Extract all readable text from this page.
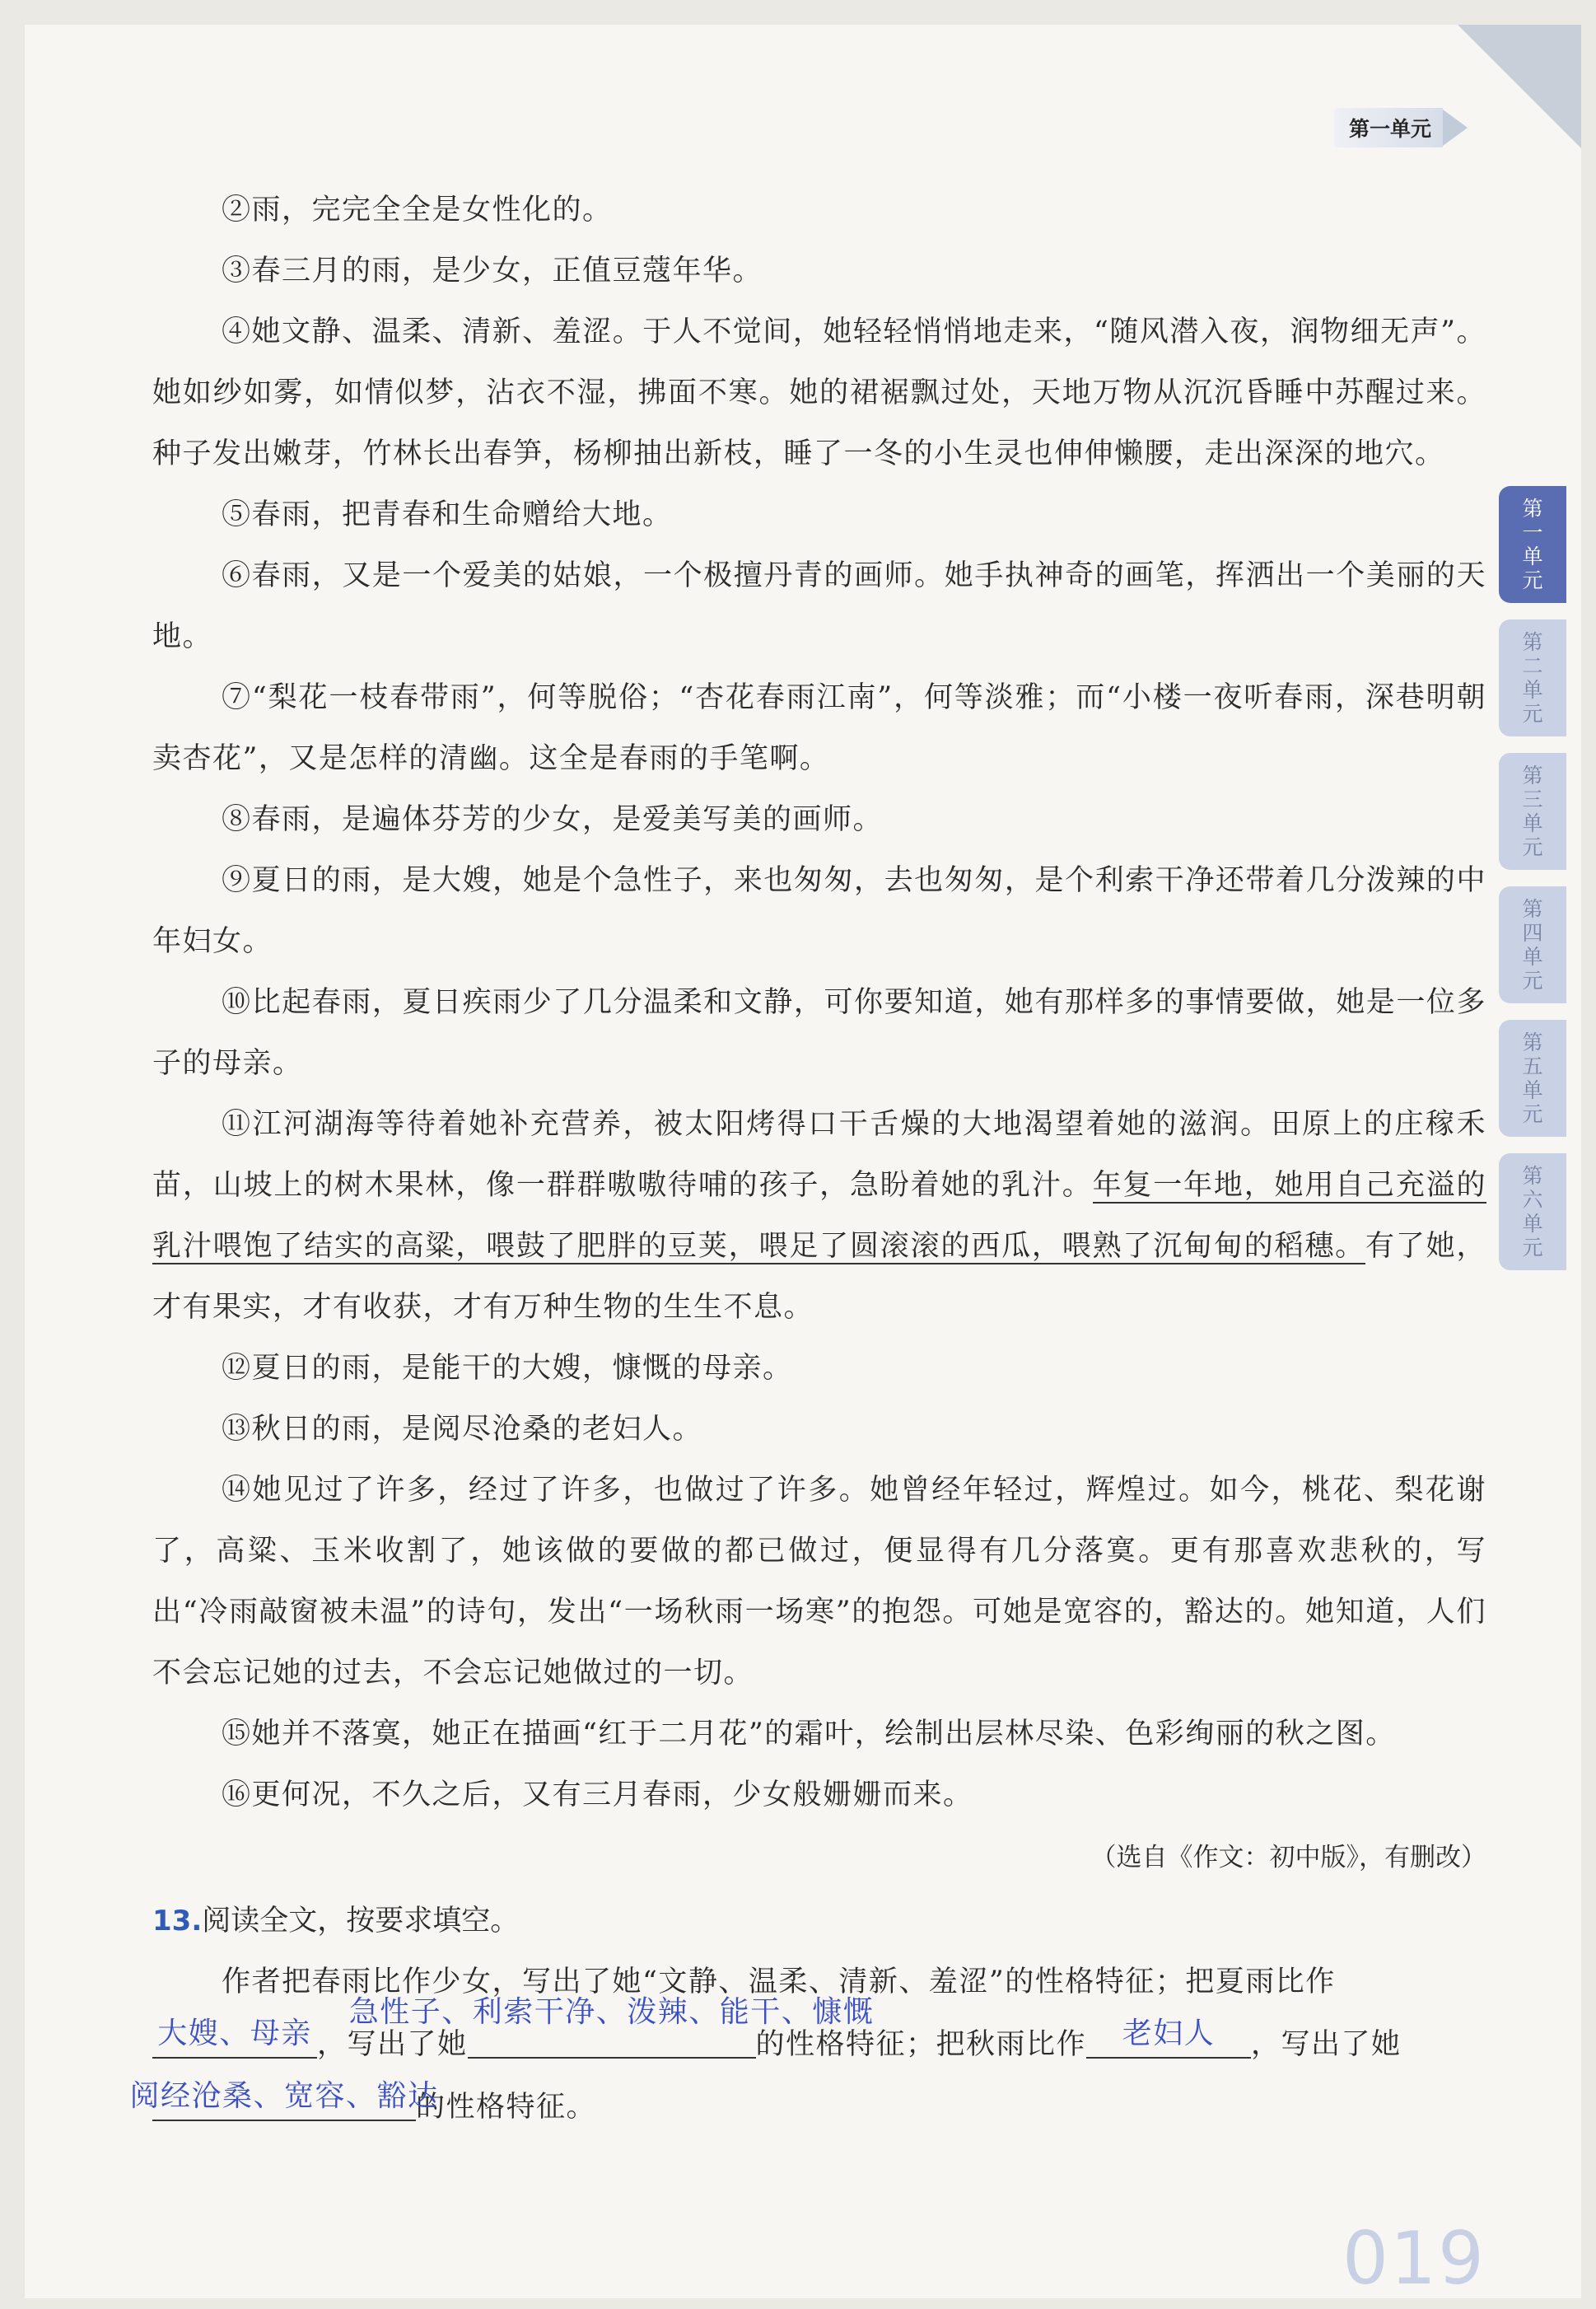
第一单元
第一单元
第二单元
第三单元
第四单元
第五单元
第六单元

②雨，完完全全是女性化的。

③春三月的雨，是少女，正值豆蔻年华。

④她文静、温柔、清新、羞涩。于人不觉间，她轻轻悄悄地走来，“随风潜入夜，润物细无声”。她如纱如雾，如情似梦，沾衣不湿，拂面不寒。她的裙裾飘过处，天地万物从沉沉昏睡中苏醒过来。种子发出嫩芽，竹林长出春笋，杨柳抽出新枝，睡了一冬的小生灵也伸伸懒腰，走出深深的地穴。

⑤春雨，把青春和生命赠给大地。

⑥春雨，又是一个爱美的姑娘，一个极擅丹青的画师。她手执神奇的画笔，挥洒出一个美丽的天地。

⑦“梨花一枝春带雨”，何等脱俗；“杏花春雨江南”，何等淡雅；而“小楼一夜听春雨，深巷明朝卖杏花”，又是怎样的清幽。这全是春雨的手笔啊。

⑧春雨，是遍体芬芳的少女，是爱美写美的画师。

⑨夏日的雨，是大嫂，她是个急性子，来也匆匆，去也匆匆，是个利索干净还带着几分泼辣的中年妇女。

⑩比起春雨，夏日疾雨少了几分温柔和文静，可你要知道，她有那样多的事情要做，她是一位多子的母亲。

⑪江河湖海等待着她补充营养，被太阳烤得口干舌燥的大地渴望着她的滋润。田原上的庄稼禾苗，山坡上的树木果林，像一群群嗷嗷待哺的孩子，急盼着她的乳汁。年复一年地，她用自己充溢的乳汁喂饱了结实的高粱，喂鼓了肥胖的豆荚，喂足了圆滚滚的西瓜，喂熟了沉甸甸的稻穗。有了她，才有果实，才有收获，才有万种生物的生生不息。

⑫夏日的雨，是能干的大嫂，慷慨的母亲。

⑬秋日的雨，是阅尽沧桑的老妇人。

⑭她见过了许多，经过了许多，也做过了许多。她曾经年轻过，辉煌过。如今，桃花、梨花谢了，高粱、玉米收割了，她该做的要做的都已做过，便显得有几分落寞。更有那喜欢悲秋的，写出“冷雨敲窗被未温”的诗句，发出“一场秋雨一场寒”的抱怨。可她是宽容的，豁达的。她知道，人们不会忘记她的过去，不会忘记她做过的一切。

⑮她并不落寞，她正在描画“红于二月花”的霜叶，绘制出层林尽染、色彩绚丽的秋之图。

⑯更何况，不久之后，又有三月春雨，少女般姗姗而来。

（选自《作文：初中版》，有删改）

13.阅读全文，按要求填空。

作者把春雨比作少女，写出了她“文静、温柔、清新、羞涩”的性格特征；把夏雨比作
大嫂、母亲 ，写出了她
急性子、利索干净、泼辣、能干、慷慨
的性格特征；把秋雨比作 老妇人 ，写出了她
阅经沧桑、宽容、豁达
的性格特征。

019
